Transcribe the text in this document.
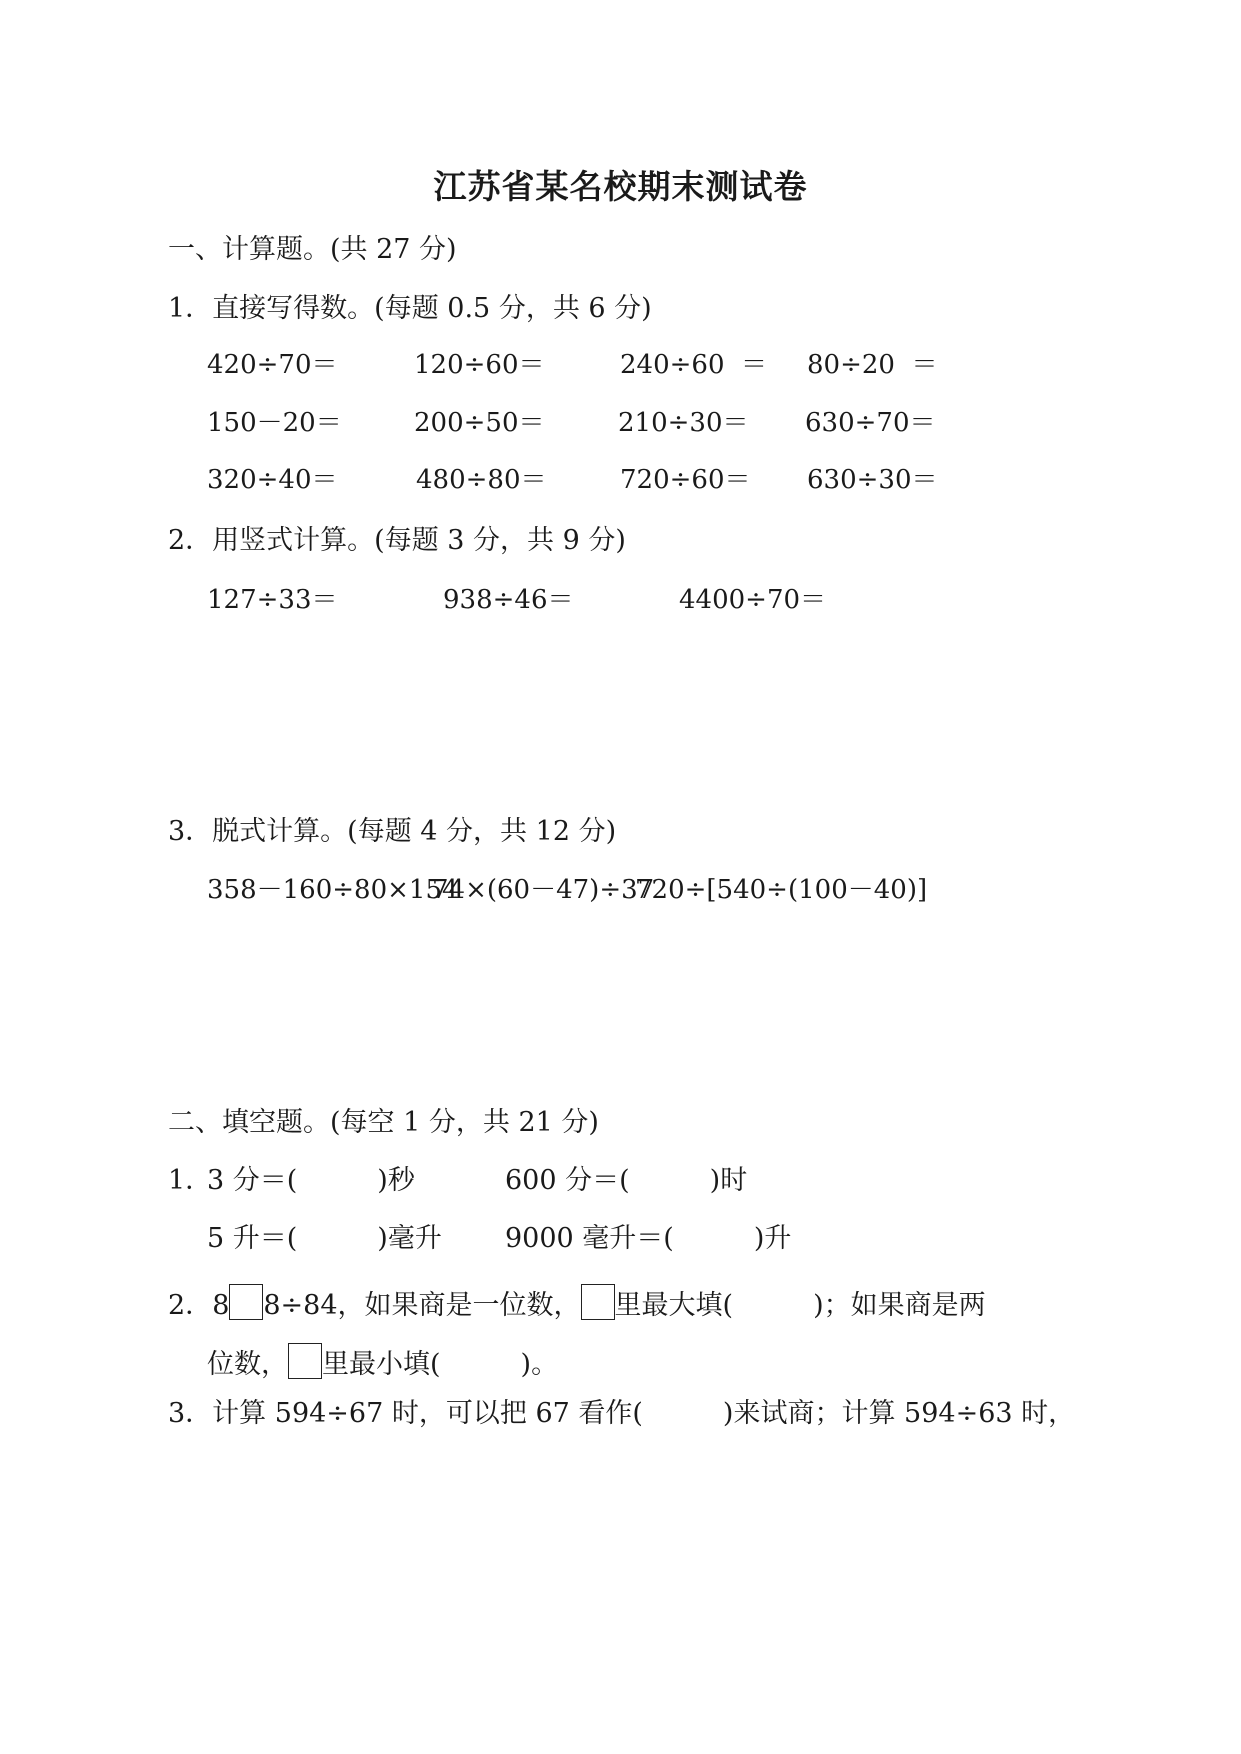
江苏省某名校期末测试卷
一、计算题。(共 27 分)
1．直接写得数。(每题 0.5 分，共 6 分)
420÷70＝	120÷60＝	240÷60  ＝ 80÷20  ＝
150－20＝	200÷50＝	210÷30＝ 630÷70＝
320÷40＝	480÷80＝	720÷60＝ 630÷30＝
2．用竖式计算。(每题 3 分，共 9 分)
127÷33＝	938÷46＝	4400÷70＝
3．脱式计算。(每题 4 分，共 12 分)
358－160÷80×154
74×(60－47)÷37
720÷[540÷(100－40)]
二、填空题。(每空 1 分，共 21 分)
1．
3 分＝(	)秒	600 分＝(	)时
5 升＝(	)毫升 9000 毫升＝(	)升
2．8 8÷84，如果商是一位数， 里最大填(	)；如果商是两
位数， 里最小填(	)。
3．计算 594÷67 时，可以把 67 看作(	)来试商；计算 594÷63 时，
